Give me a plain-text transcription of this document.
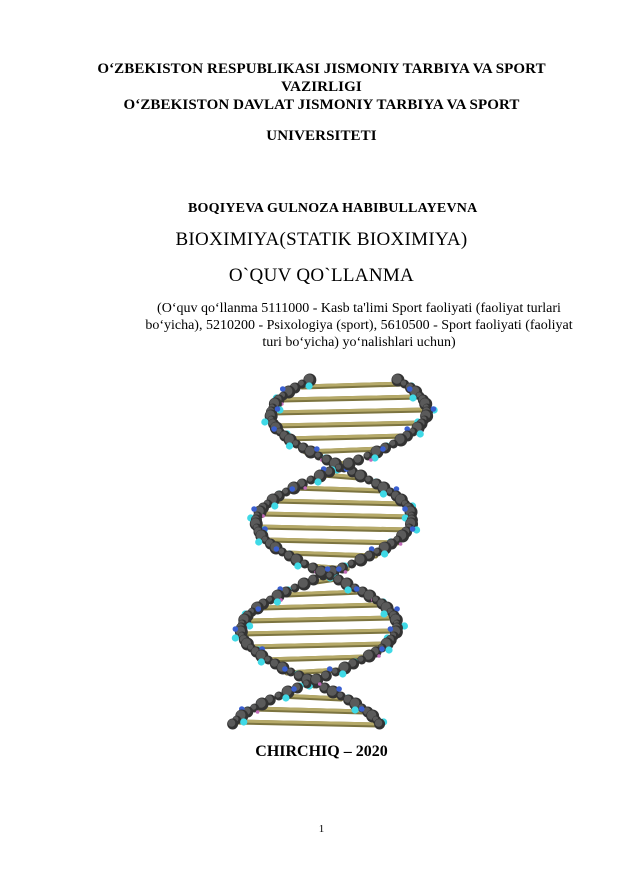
O‘ZBEKISTON RESPUBLIKASI JISMONIY TARBIYA VA SPORT
VAZIRLIGI
O‘ZBEKISTON DAVLAT JISMONIY TARBIYA VA SPORT
UNIVERSITETI
BOQIYEVA GULNOZA HABIBULLAYEVNA
BIOXIMIYA(STATIK BIOXIMIYA)
O`QUV QO`LLANMA
(O‘quv qo‘llanma 5111000 - Kasb ta'limi Sport faoliyati (faoliyat turlari
bo‘yicha), 5210200 - Psixologiya (sport), 5610500 - Sport faoliyati (faoliyat
turi bo‘yicha) yo‘nalishlari uchun)
CHIRCHIQ – 2020
1
